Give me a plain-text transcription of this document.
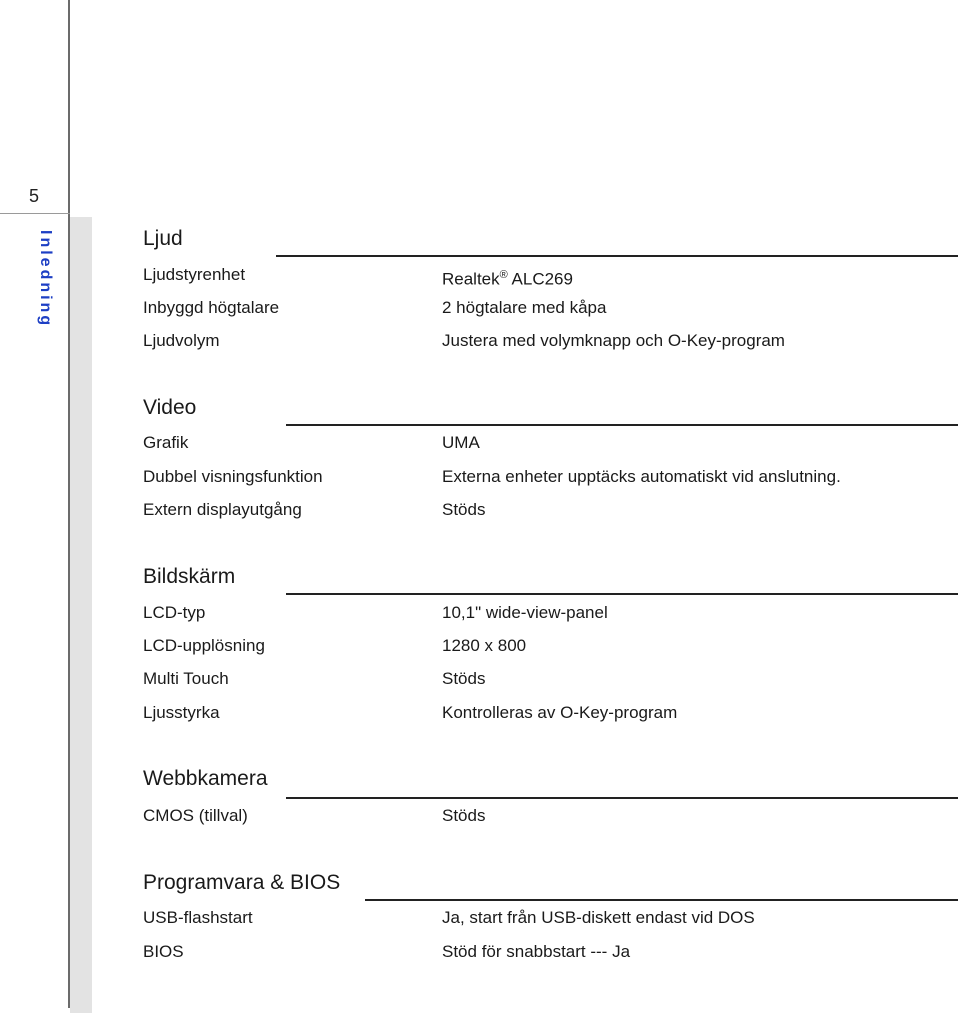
5
Inledning	Ljud
Ljudstyrenhet	Realtek® ALC269
Inbyggd högtalare	2 högtalare med kåpa
Ljudvolym	Justera med volymknapp och O-Key-program
Video
Grafik	UMA
Dubbel visningsfunktion	Externa enheter upptäcks automatiskt vid anslutning.
Extern displayutgång	Stöds
Bildskärm
LCD-typ	10,1" wide-view-panel
LCD-upplösning	1280 x 800
Multi Touch	Stöds
Ljusstyrka	Kontrolleras av O-Key-program
Webbkamera
CMOS (tillval)	Stöds
Programvara & BIOS
USB-flashstart	Ja, start från USB-diskett endast vid DOS
BIOS	Stöd för snabbstart --- Ja
